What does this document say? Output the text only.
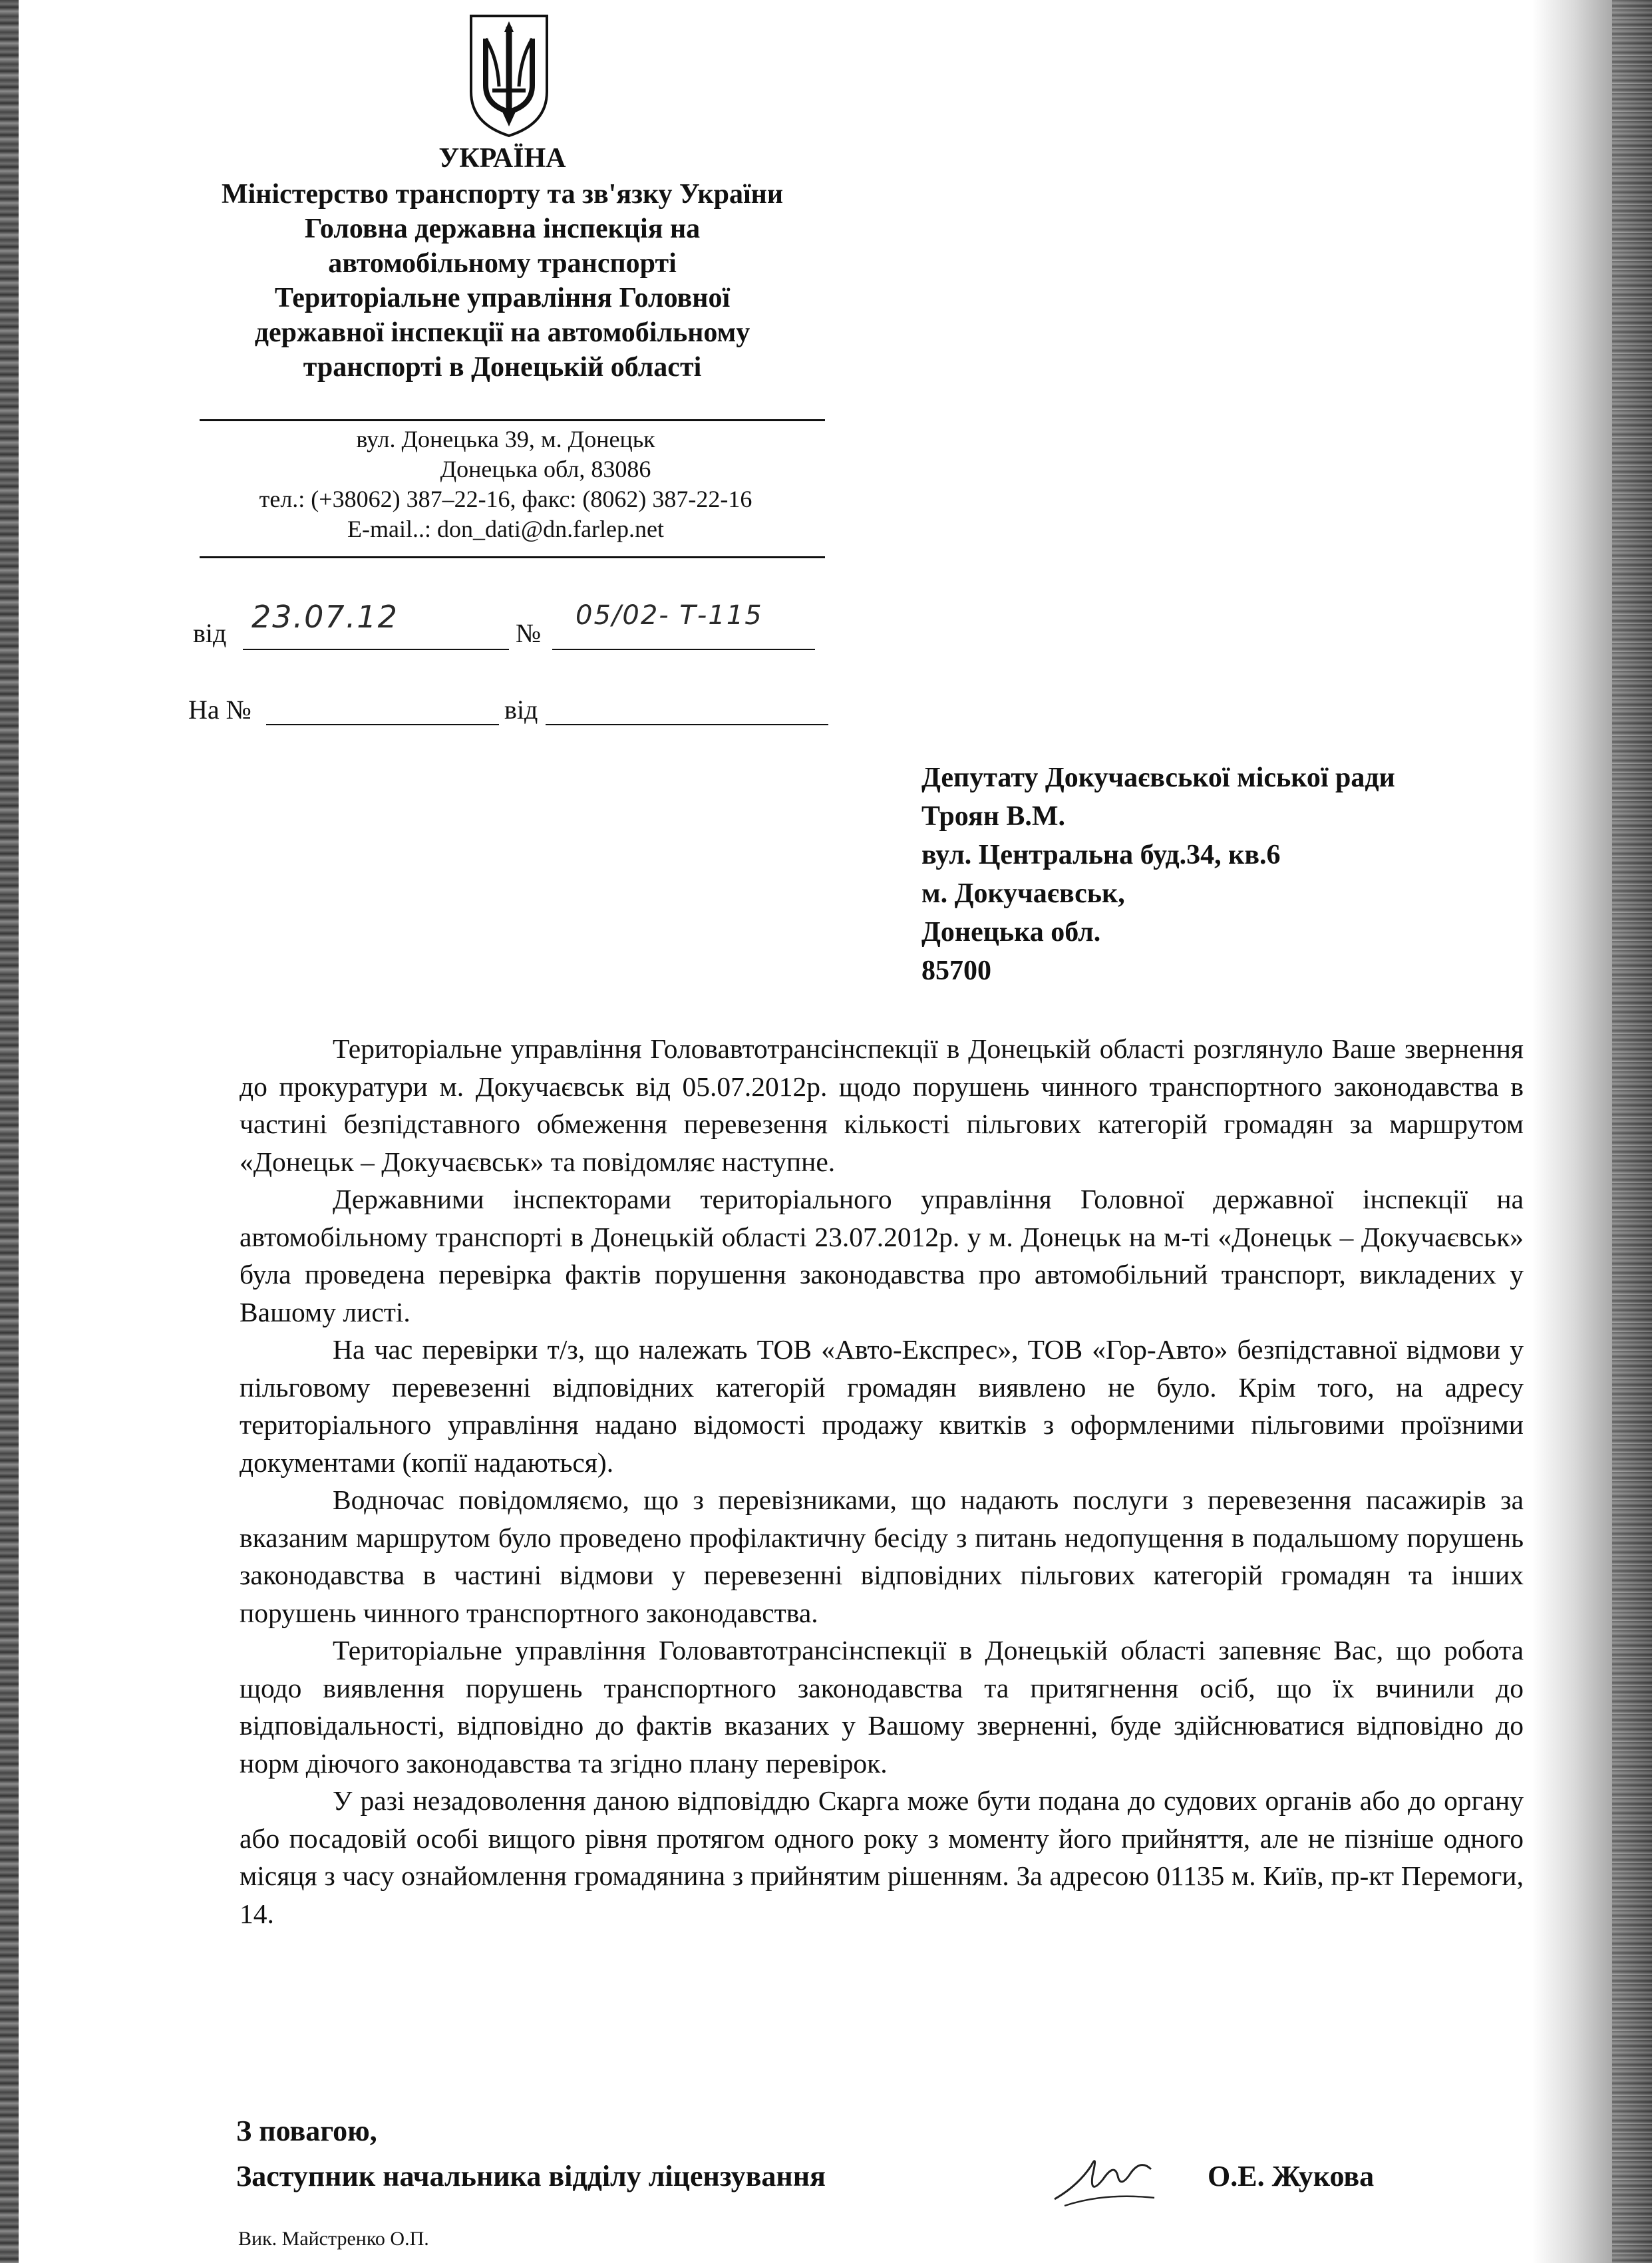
УКРАЇНА
Міністерство транспорту та зв'язку України
Головна державна інспекція на
автомобільному транспорті
Територіальне управління Головної
державної інспекції на автомобільному
транспорті в Донецькій області
вул. Донецька 39, м. Донецьк
Донецька обл, 83086
тел.: (+38062) 387–22-16, факс: (8062) 387-22-16
E-mail..: don_dati@dn.farlep.net
від 23.07.12	№
05/02- Т-115
На №	від
Депутату Докучаєвської міської ради
Троян В.М.
вул. Центральна буд.34, кв.6
м. Докучаєвськ,
Донецька обл.
85700

Територіальне управління Головавтотрансінспекції в Донецькій області розглянуло Ваше звернення до прокуратури м. Докучаєвськ від 05.07.2012р. щодо порушень чинного транспортного законодавства в частині безпідставного обмеження перевезення кількості пільгових категорій громадян за маршрутом «Донецьк – Докучаєвськ» та повідомляє наступне.

Державними інспекторами територіального управління Головної державної інспекції на автомобільному транспорті в Донецькій області 23.07.2012р. у м. Донецьк на м-ті «Донецьк – Докучаєвськ» була проведена перевірка фактів порушення законодавства про автомобільний транспорт, викладених у Вашому листі.

На час перевірки т/з, що належать ТОВ «Авто-Експрес», ТОВ «Гор-Авто» безпідставної відмови у пільговому перевезенні відповідних категорій громадян виявлено не було. Крім того, на адресу територіального управління надано відомості продажу квитків з оформленими пільговими проїзними документами (копії надаються).

Водночас повідомляємо, що з перевізниками, що надають послуги з перевезення пасажирів за вказаним маршрутом було проведено профілактичну бесіду з питань недопущення в подальшому порушень законодавства в частині відмови у перевезенні відповідних пільгових категорій громадян та інших порушень чинного транспортного законодавства.

Територіальне управління Головавтотрансінспекції в Донецькій області запевняє Вас, що робота щодо виявлення порушень транспортного законодавства та притягнення осіб, що їх вчинили до відповідальності, відповідно до фактів вказаних у Вашому зверненні, буде здійснюватися відповідно до норм діючого законодавства та згідно плану перевірок.

У разі незадоволення даною відповіддю Скарга може бути подана до судових органів або до органу або посадовій особі вищого рівня протягом одного року з моменту його прийняття, але не пізніше одного місяця з часу ознайомлення громадянина з прийнятим рішенням. За адресою 01135 м. Київ, пр-кт Перемоги, 14.

З повагою,
Заступник начальника відділу ліцензування	О.Е. Жукова
Вик. Майстренко О.П.
